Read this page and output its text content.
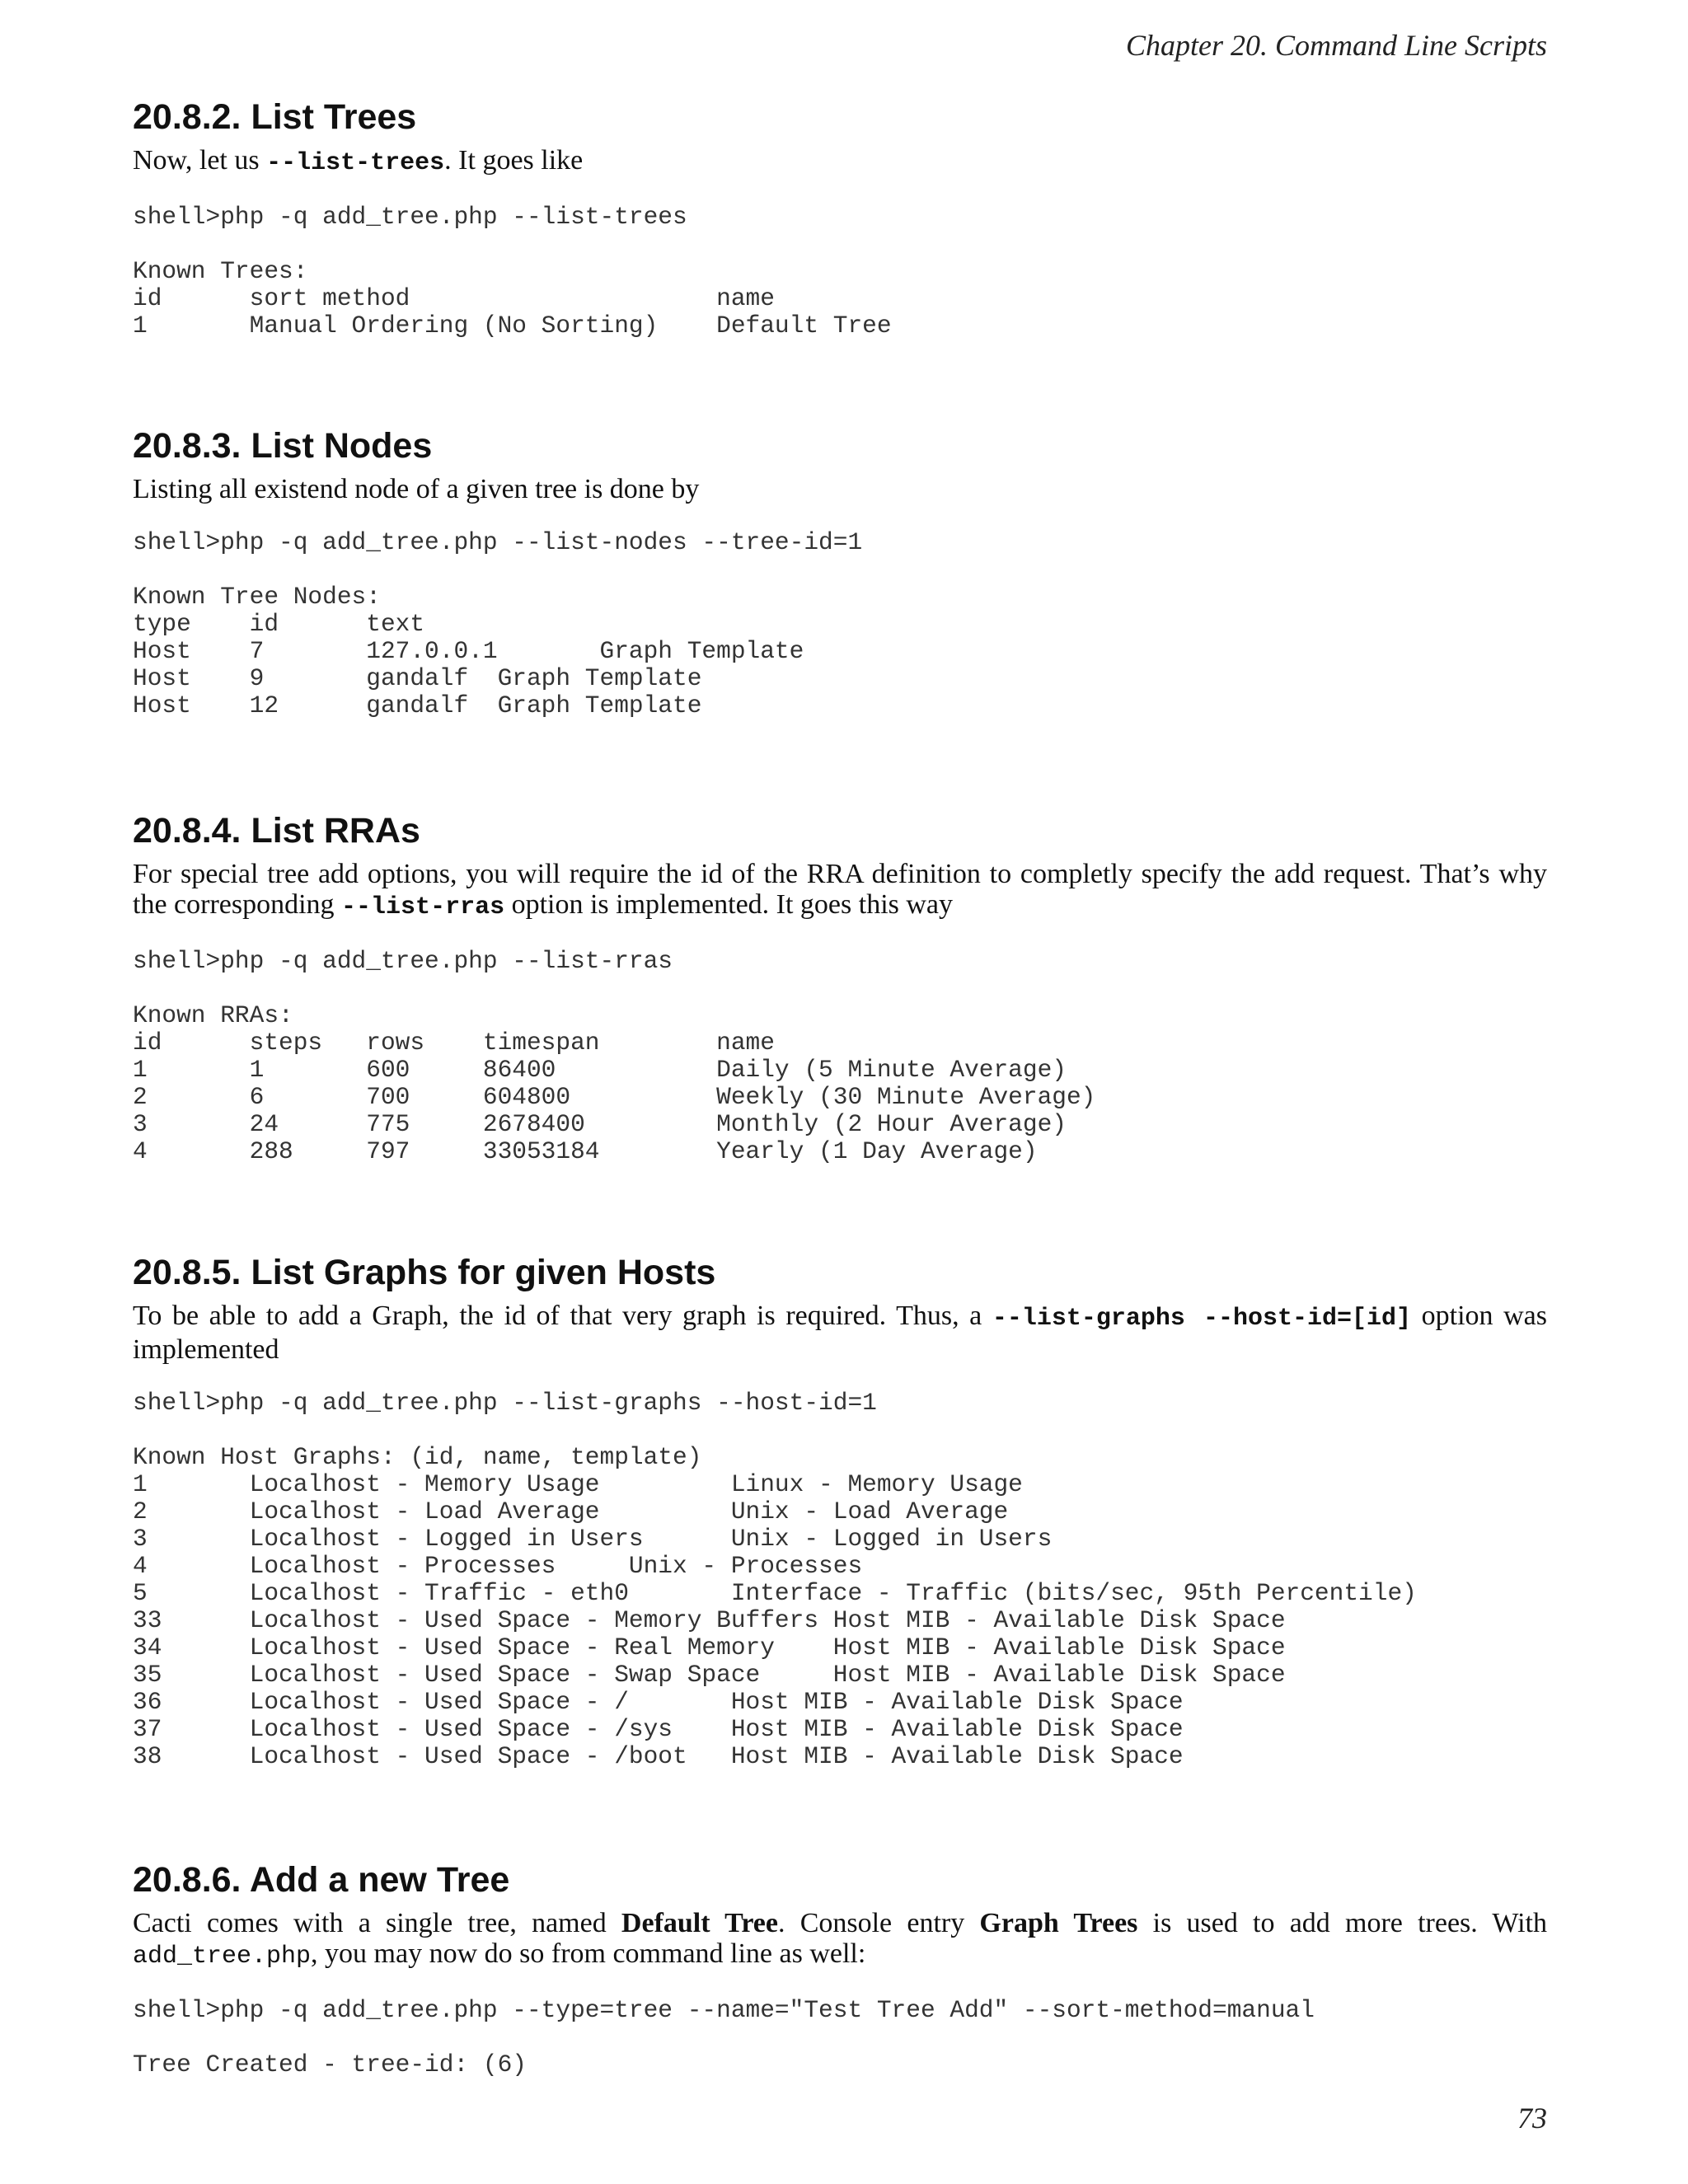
Chapter 20. Command Line Scripts
20.8.2. List Trees

Now, let us --list-trees. It goes like

shell>php -q add_tree.php --list-trees
Known Trees:
id      sort method                     name
1       Manual Ordering (No Sorting)    Default Tree
20.8.3. List Nodes

Listing all existend node of a given tree is done by

shell>php -q add_tree.php --list-nodes --tree-id=1
Known Tree Nodes:
type    id      text
Host    7       127.0.0.1       Graph Template
Host    9       gandalf  Graph Template
Host    12      gandalf  Graph Template
20.8.4. List RRAs

For special tree add options, you will require the id of the RRA definition to completly specify the add request. That’s why the corresponding --list-rras option is implemented. It goes this way

shell>php -q add_tree.php --list-rras
Known RRAs:
id      steps   rows    timespan        name
1       1       600     86400           Daily (5 Minute Average)
2       6       700     604800          Weekly (30 Minute Average)
3       24      775     2678400         Monthly (2 Hour Average)
4       288     797     33053184        Yearly (1 Day Average)
20.8.5. List Graphs for given Hosts

To be able to add a Graph, the id of that very graph is required. Thus, a --list-graphs --host-id=[id] option was implemented

shell>php -q add_tree.php --list-graphs --host-id=1
Known Host Graphs: (id, name, template)
1       Localhost - Memory Usage         Linux - Memory Usage
2       Localhost - Load Average         Unix - Load Average
3       Localhost - Logged in Users      Unix - Logged in Users
4       Localhost - Processes     Unix - Processes
5       Localhost - Traffic - eth0       Interface - Traffic (bits/sec, 95th Percentile)
33      Localhost - Used Space - Memory Buffers Host MIB - Available Disk Space
34      Localhost - Used Space - Real Memory    Host MIB - Available Disk Space
35      Localhost - Used Space - Swap Space     Host MIB - Available Disk Space
36      Localhost - Used Space - /       Host MIB - Available Disk Space
37      Localhost - Used Space - /sys    Host MIB - Available Disk Space
38      Localhost - Used Space - /boot   Host MIB - Available Disk Space
20.8.6. Add a new Tree

Cacti comes with a single tree, named Default Tree. Console entry Graph Trees is used to add more trees. With add_tree.php, you may now do so from command line as well:

shell>php -q add_tree.php --type=tree --name="Test Tree Add" --sort-method=manual
Tree Created - tree-id: (6)
73
